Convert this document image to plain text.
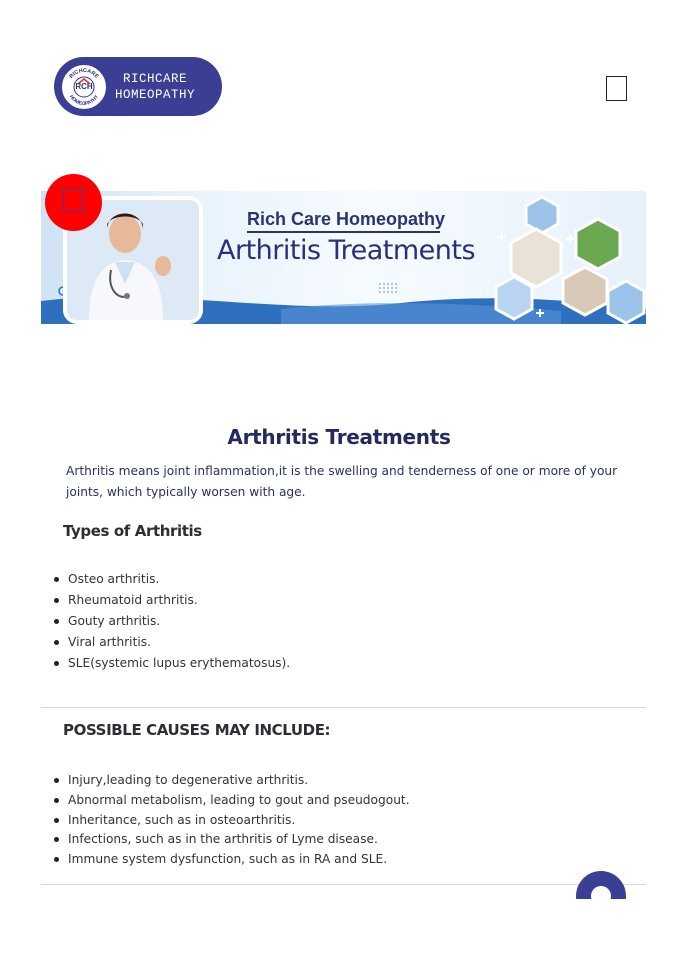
RICHCARE
HOMEOPATHY
RCH
RICHCARE
HOMEOPATHY
Rich Care Homeopathy
Arthritis Treatments
Arthritis Treatments

Arthritis means joint inflammation,it is the swelling and tenderness of one or more of your joints, which typically worsen with age.

Types of Arthritis
Osteo arthritis.
Rheumatoid arthritis.
Gouty arthritis.
Viral arthritis.
SLE(systemic lupus erythematosus).
POSSIBLE CAUSES MAY INCLUDE:
Injury,leading to degenerative arthritis.
Abnormal metabolism, leading to gout and pseudogout.
Inheritance, such as in osteoarthritis.
Infections, such as in the arthritis of Lyme disease.
Immune system dysfunction, such as in RA and SLE.
